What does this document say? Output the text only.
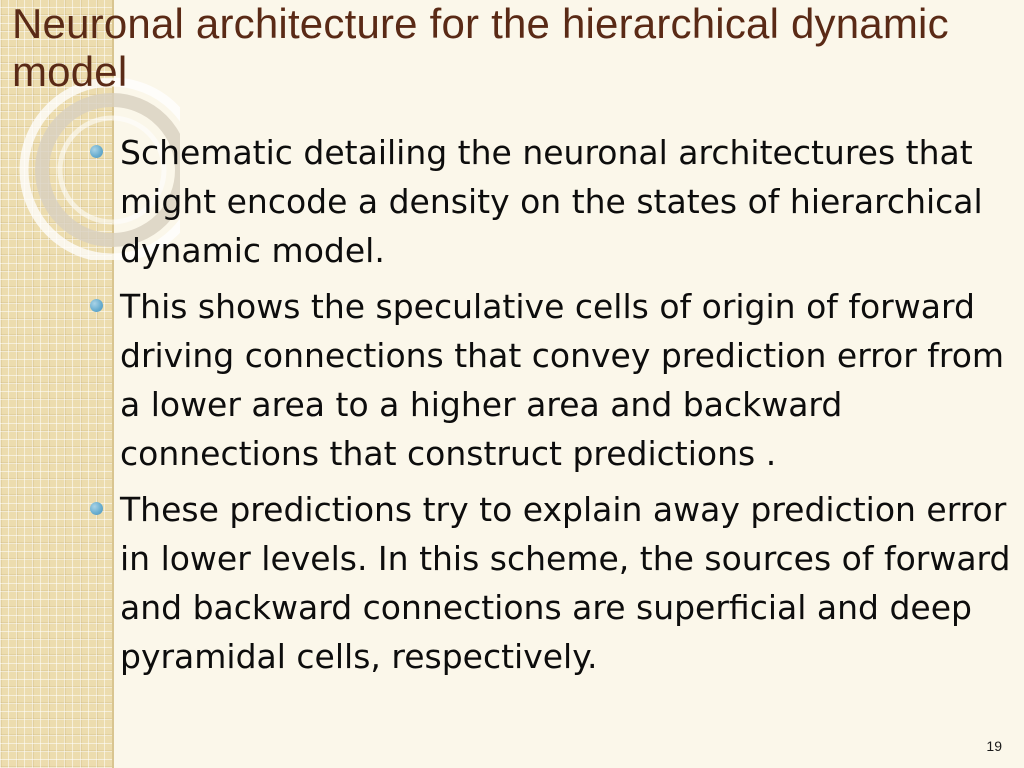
Neuronal architecture for the hierarchical dynamic model
Schematic detailing the neuronal architectures that might encode a density on the states of hierarchical dynamic model.
This shows the speculative cells of origin of forward driving connections that convey prediction error from a lower area to a higher area and backward connections that construct predictions .
These predictions try to explain away prediction error in lower levels. In this scheme, the sources of forward and backward connections are superficial and deep pyramidal cells, respectively.
19
